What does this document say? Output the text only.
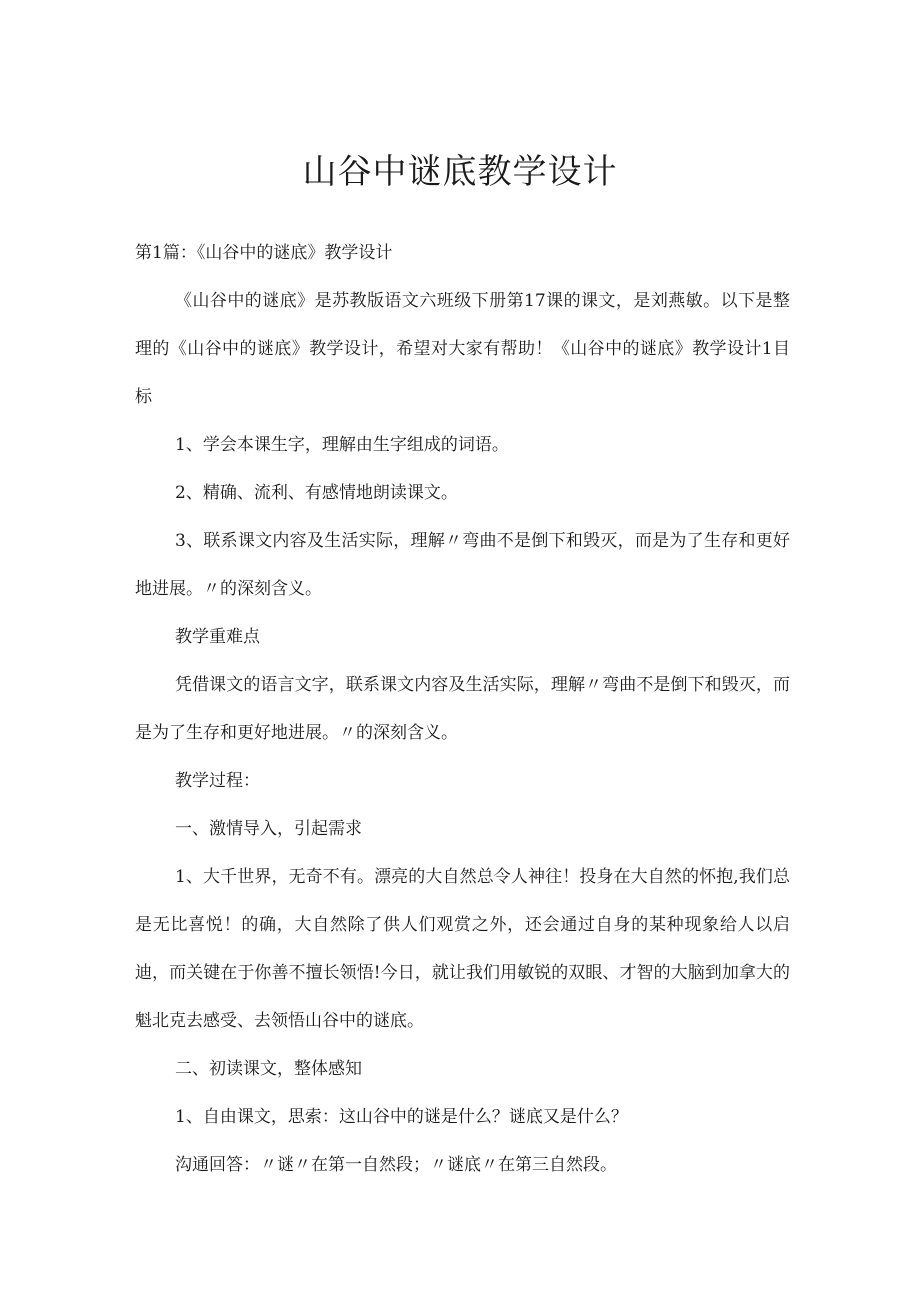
山谷中谜底教学设计

第1篇：《山谷中的谜底》教学设计

《山谷中的谜底》是苏教版语文六班级下册第17课的课文，是刘燕敏。以下是整理的《山谷中的谜底》教学设计，希望对大家有帮助！《山谷中的谜底》教学设计1目标

1、学会本课生字，理解由生字组成的词语。

2、精确、流利、有感情地朗读课文。

3、联系课文内容及生活实际，理解〃弯曲不是倒下和毁灭，而是为了生存和更好地进展。〃的深刻含义。

教学重难点

凭借课文的语言文字，联系课文内容及生活实际，理解〃弯曲不是倒下和毁灭，而是为了生存和更好地进展。〃的深刻含义。

教学过程：

一、激情导入，引起需求

1、大千世界，无奇不有。漂亮的大自然总令人神往！投身在大自然的怀抱,我们总是无比喜悦！的确，大自然除了供人们观赏之外，还会通过自身的某种现象给人以启迪，而关键在于你善不擅长领悟!今日，就让我们用敏锐的双眼、才智的大脑到加拿大的魁北克去感受、去领悟山谷中的谜底。

二、初读课文，整体感知

1、自由课文，思索：这山谷中的谜是什么？谜底又是什么？

沟通回答：〃谜〃在第一自然段；〃谜底〃在第三自然段。
